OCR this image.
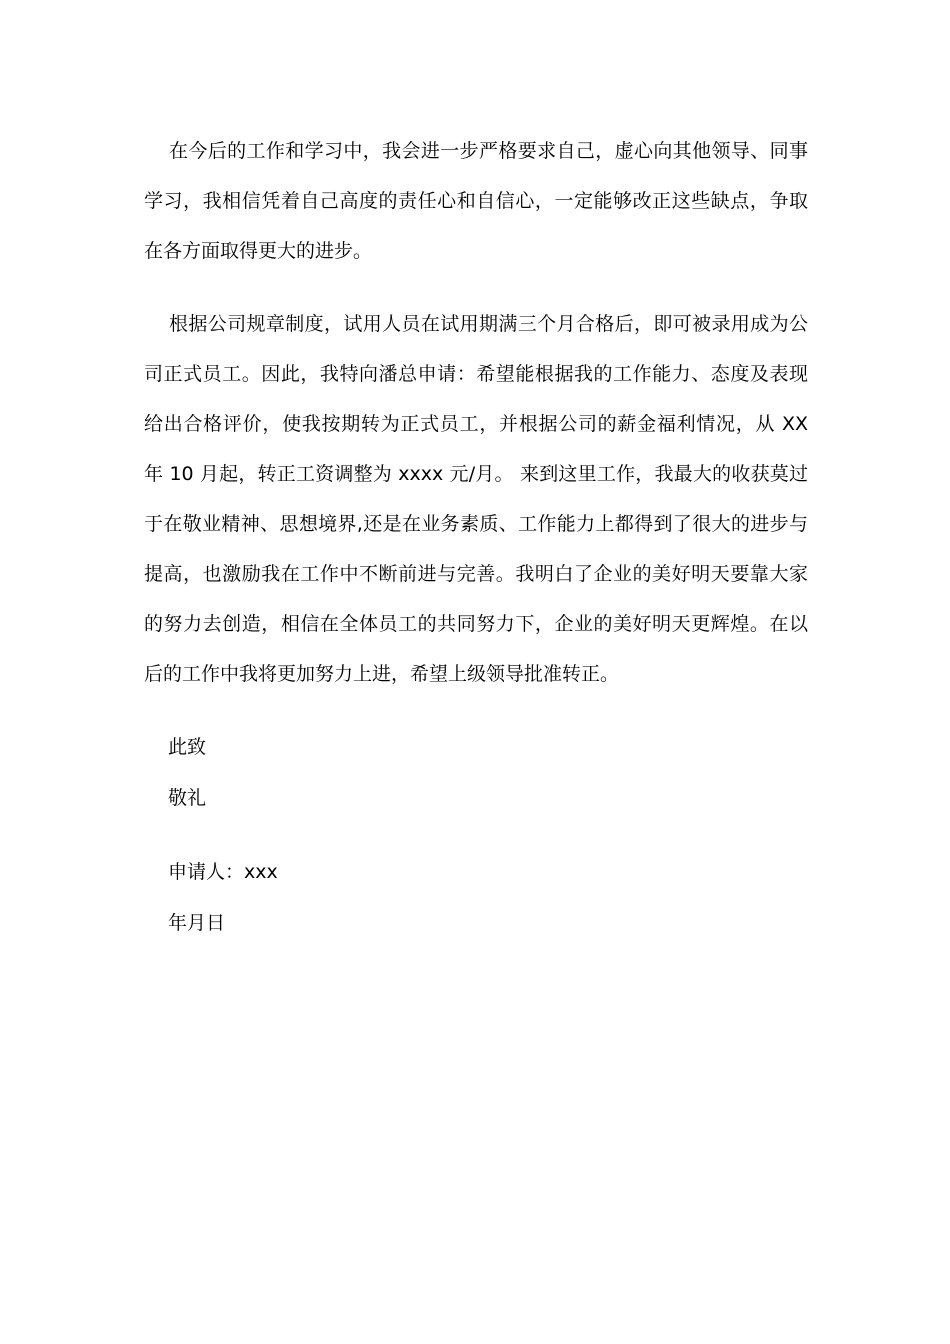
在今后的工作和学习中，我会进一步严格要求自己，虚心向其他领导、同事学习，我相信凭着自己高度的责任心和自信心，一定能够改正这些缺点，争取在各方面取得更大的进步。

根据公司规章制度，试用人员在试用期满三个月合格后，即可被录用成为公司正式员工。因此，我特向潘总申请：希望能根据我的工作能力、态度及表现给出合格评价，使我按期转为正式员工，并根据公司的薪金福利情况，从 XX 年 10 月起，转正工资调整为 xxxx 元/月。 来到这里工作，我最大的收获莫过于在敬业精神、思想境界,还是在业务素质、工作能力上都得到了很大的进步与提高，也激励我在工作中不断前进与完善。我明白了企业的美好明天要靠大家的努力去创造，相信在全体员工的共同努力下，企业的美好明天更辉煌。在以后的工作中我将更加努力上进，希望上级领导批准转正。

此致

敬礼

申请人：xxx

年月日
